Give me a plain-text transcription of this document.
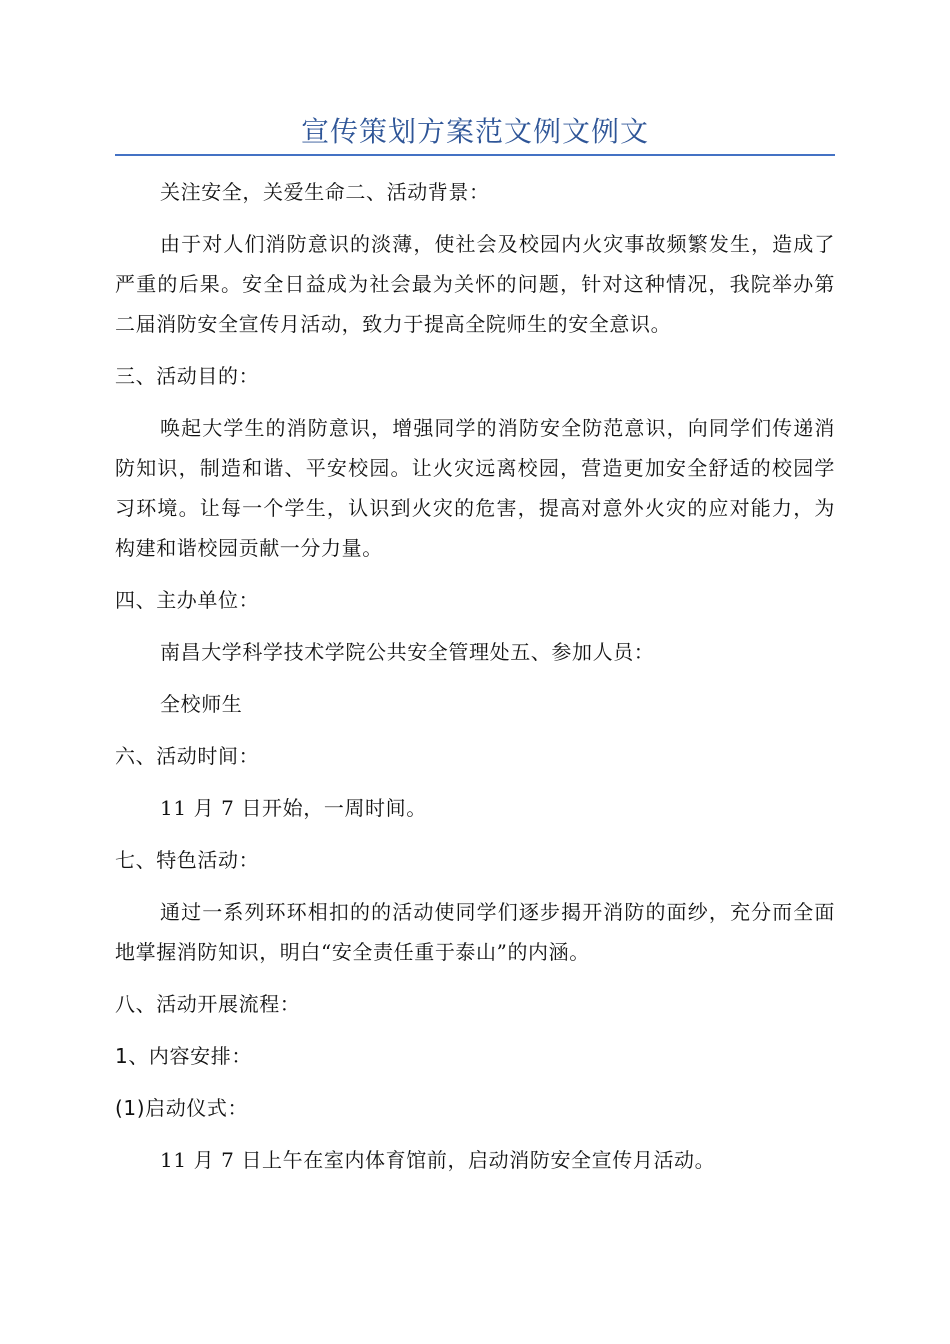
宣传策划方案范文例文例文

关注安全，关爱生命二、活动背景：

由于对人们消防意识的淡薄，使社会及校园内火灾事故频繁发生，造成了严重的后果。安全日益成为社会最为关怀的问题，针对这种情况，我院举办第二届消防安全宣传月活动，致力于提高全院师生的安全意识。

三、活动目的：

唤起大学生的消防意识，增强同学的消防安全防范意识，向同学们传递消防知识，制造和谐、平安校园。让火灾远离校园，营造更加安全舒适的校园学习环境。让每一个学生，认识到火灾的危害，提高对意外火灾的应对能力，为构建和谐校园贡献一分力量。

四、主办单位：

南昌大学科学技术学院公共安全管理处五、参加人员：

全校师生

六、活动时间：

11 月 7 日开始，一周时间。

七、特色活动：

通过一系列环环相扣的的活动使同学们逐步揭开消防的面纱，充分而全面地掌握消防知识，明白“安全责任重于泰山”的内涵。

八、活动开展流程：

1、内容安排：

(1)启动仪式：

11 月 7 日上午在室内体育馆前，启动消防安全宣传月活动。
